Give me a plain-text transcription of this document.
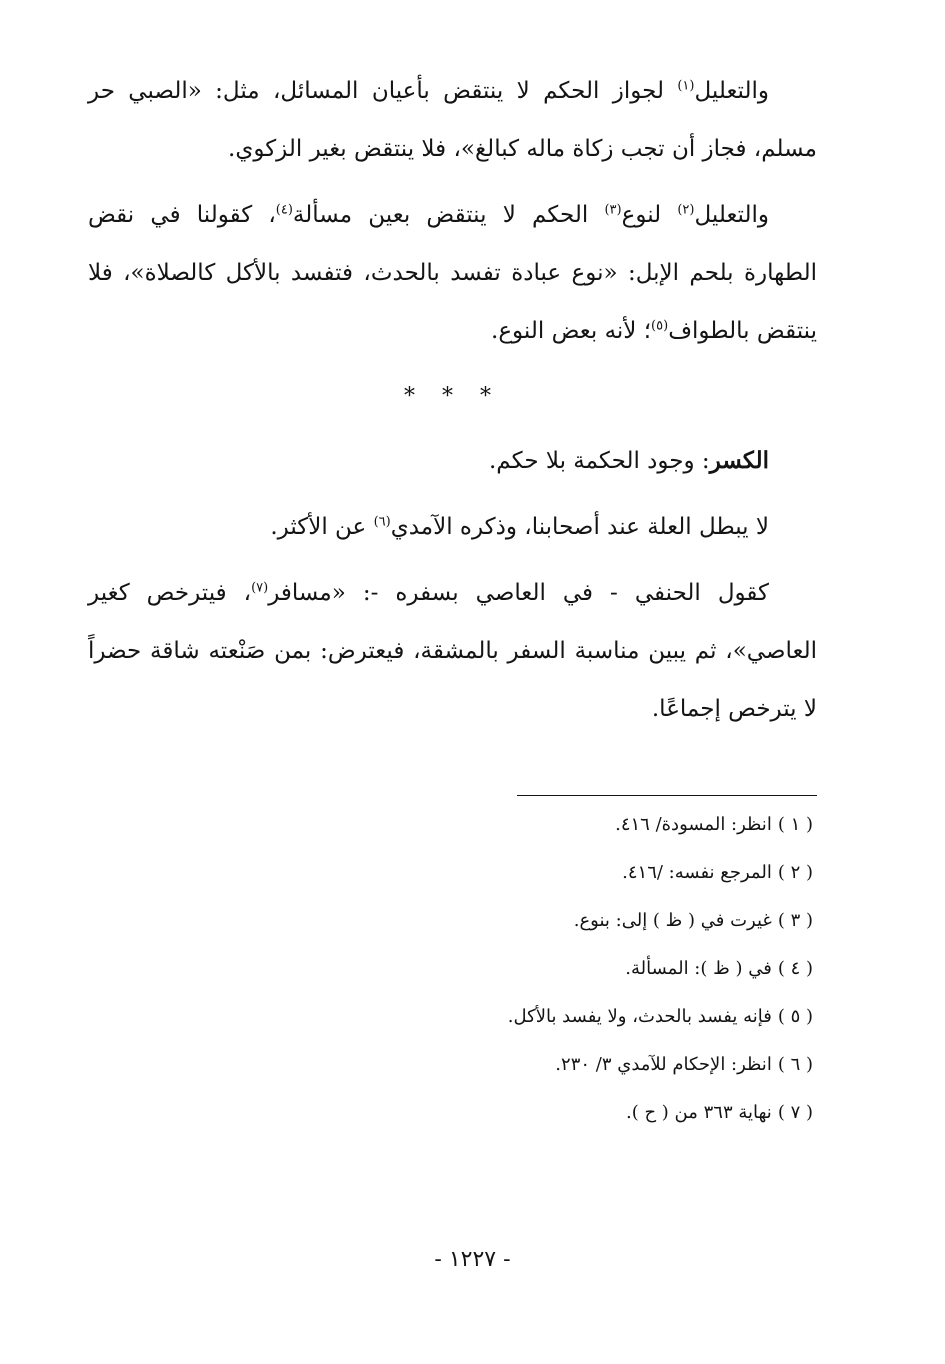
والتعليل$^{(١)}$ لجواز الحكم لا ينتقض بأعيان المسائل، مثل: «الصبي حر مسلم، فجاز أن تجب زكاة ماله كبالغ»، فلا ينتقض بغير الزكوي.

والتعليل$^{(٢)}$ لنوع$^{(٣)}$ الحكم لا ينتقض بعين مسألة$^{(٤)}$، كقولنا في نقض الطهارة بلحم الإبل: «نوع عبادة تفسد بالحدث، فتفسد بالأكل كالصلاة»، فلا ينتقض بالطواف$^{(٥)}$؛ لأنه بعض النوع.

* * *

الكسر: وجود الحكمة بلا حكم.

لا يبطل العلة عند أصحابنا، وذكره الآمدي$^{(٦)}$ عن الأكثر.

كقول الحنفي - في العاصي بسفره -: «مسافر$^{(٧)}$، فيترخص كغير العاصي»، ثم يبين مناسبة السفر بالمشقة، فيعترض: بمن صَنْعته شاقة حضراً لا يترخص إجماعًا.

( ١ )انظر: المسودة/ ٤١٦.
( ٢ )المرجع نفسه: /٤١٦.
( ٣ )غيرت في ( ظ ) إلى: بنوع.
( ٤ )في ( ظ ): المسألة.
( ٥ )فإنه يفسد بالحدث، ولا يفسد بالأكل.
( ٦ )انظر: الإحكام للآمدي ٣/ ٢٣٠.
( ٧ )نهاية ٣٦٣ من ( ح ).
- ١٢٢٧ -
